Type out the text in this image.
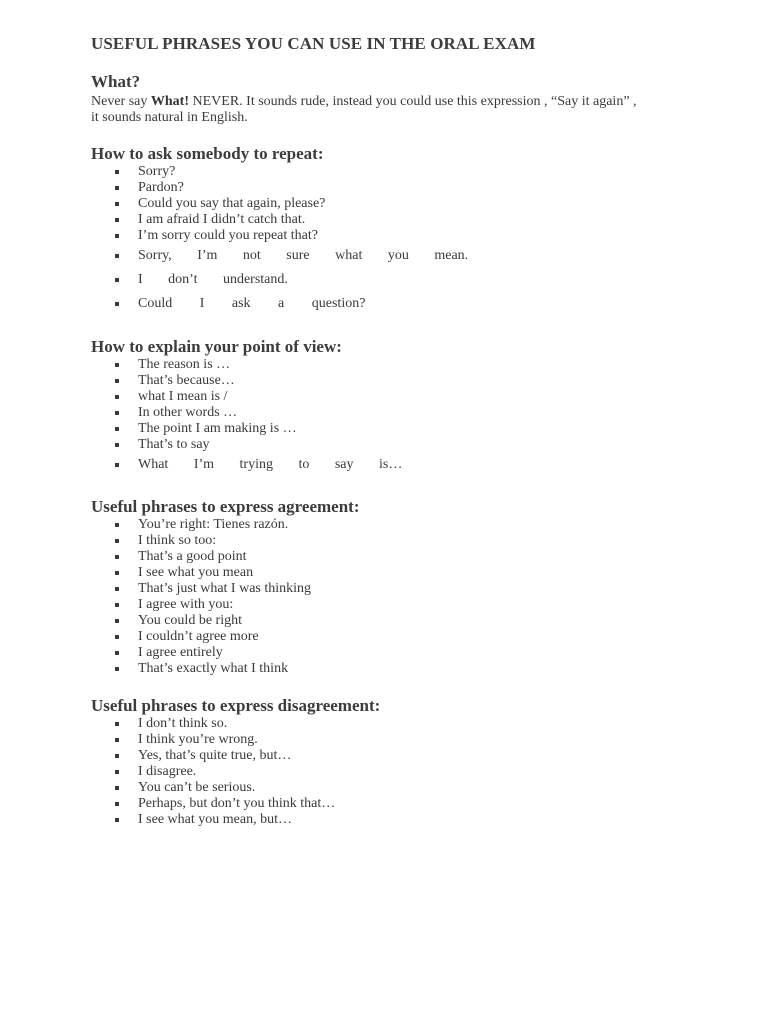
USEFUL PHRASES YOU CAN USE IN THE ORAL EXAM
What?

Never say What! NEVER. It sounds rude, instead you could use this expression , “Say it again” ,
it sounds natural in English.

How to ask somebody to repeat:
Sorry?
Pardon?
Could you say that again, please?
I am afraid I didn’t catch that.
I’m sorry could you repeat that?
Sorry, I’m not sure what you mean.
I don’t understand.
Could I ask a question?
How to explain your point of view:
The reason is …
That’s because…
what I mean is /
In other words …
The point I am making is …
That’s to say
What I’m trying to say is…
Useful phrases to express agreement:
You’re right: Tienes razón.
I think so too:
That’s a good point
I see what you mean
That’s just what I was thinking
I agree with you:
You could be right
I couldn’t agree more
I agree entirely
That’s exactly what I think
Useful phrases to express disagreement:
I don’t think so.
I think you’re wrong.
Yes, that’s quite true, but…
I disagree.
You can’t be serious.
Perhaps, but don’t you think that…
I see what you mean, but…
